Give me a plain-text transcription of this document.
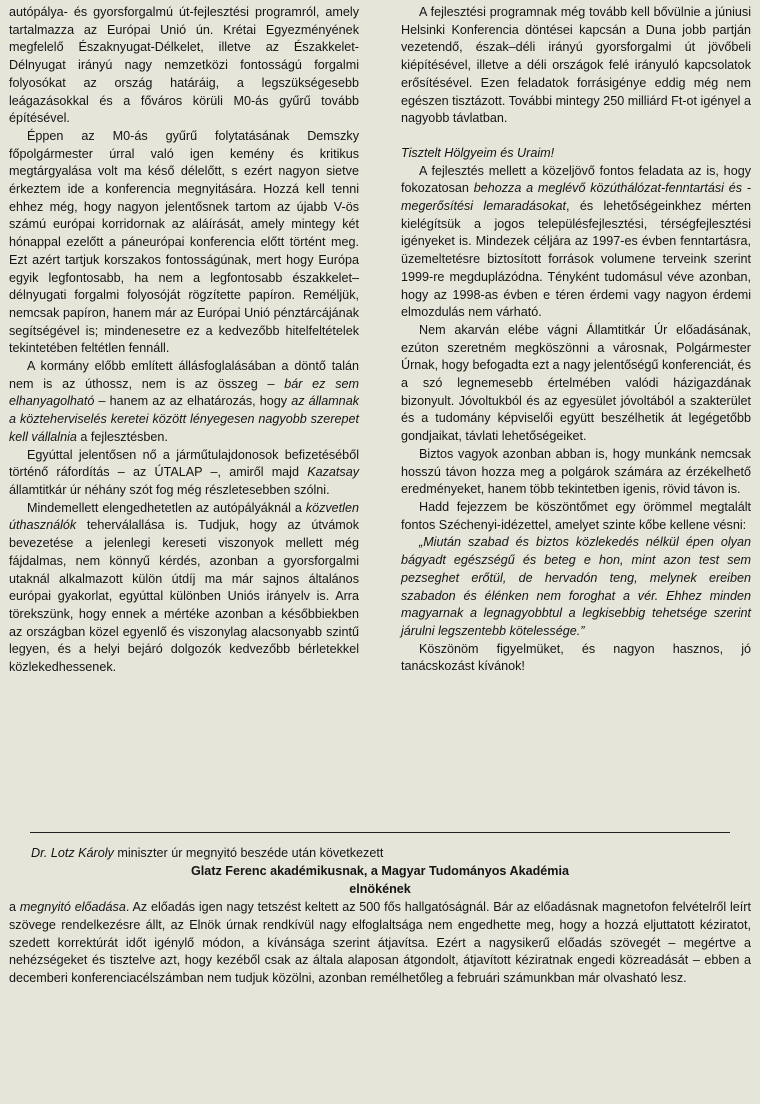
autópálya- és gyorsforgalmú út-fejlesztési programról, amely tartalmazza az Európai Unió ún. Krétai Egyezményének megfelelő Északnyugat-Délkelet, illetve az Északkelet-Délnyugat irányú nagy nemzetközi fontosságú forgalmi folyosókat az ország határáig, a legszükségesebb leágazásokkal és a főváros körüli M0-ás gyűrű tovább építésével.

Éppen az M0-ás gyűrű folytatásának Demszky főpolgármester úrral való igen kemény és kritikus megtárgyalása volt ma késő délelőtt, s ezért nagyon sietve érkeztem ide a konferencia megnyitására. Hozzá kell tenni ehhez még, hogy nagyon jelentősnek tartom az újabb V-ös számú európai korridornak az aláírását, amely mintegy két hónappal ezelőtt a páneurópai konferencia előtt történt meg. Ezt azért tartjuk korszakos fontosságúnak, mert hogy Európa egyik legfontosabb, ha nem a legfontosabb északkelet–délnyugati forgalmi folyosóját rögzítette papíron. Reméljük, nemcsak papíron, hanem már az Európai Unió pénztárcájának segítségével is; mindenesetre ez a kedvezőbb hitelfeltételek tekintetében feltétlen fennáll.

A kormány előbb említett állásfoglalásában a döntő talán nem is az úthossz, nem is az összeg – bár ez sem elhanyagolható – hanem az az elhatározás, hogy az államnak a közteherviselés keretei között lényegesen nagyobb szerepet kell vállalnia a fejlesztésben.

Egyúttal jelentősen nő a járműtulajdonosok befizetéséből történő ráfordítás – az ÚTALAP –, amiről majd Kazatsay államtitkár úr néhány szót fog még részletesebben szólni.

Mindemellett elengedhetetlen az autópályáknál a közvetlen úthasználók teherválallása is. Tudjuk, hogy az útvámok bevezetése a jelenlegi kereseti viszonyok mellett még fájdalmas, nem könnyű kérdés, azonban a gyorsforgalmi utaknál alkalmazott külön útdíj ma már sajnos általános európai gyakorlat, egyúttal különben Uniós irányelv is. Arra törekszünk, hogy ennek a mértéke azonban a későbbiekben az országban közel egyenlő és viszonylag alacsonyabb szintű legyen, és a helyi bejáró dolgozók kedvezőbb bérletekkel közlekedhessenek.

A fejlesztési programnak még tovább kell bővülnie a júniusi Helsinki Konferencia döntései kapcsán a Duna jobb partján vezetendő, észak–déli irányú gyorsforgalmi út jövőbeli kiépítésével, illetve a déli országok felé irányuló kapcsolatok erősítésével. Ezen feladatok forrásigénye eddig még nem egészen tisztázott. További mintegy 250 milliárd Ft-ot igényel a nagyobb távlatban.

Tisztelt Hölgyeim és Uraim!

A fejlesztés mellett a közeljövő fontos feladata az is, hogy fokozatosan behozza a meglévő közúthálózat-fenntartási és -megerősítési lemaradásokat, és lehetőségeinkhez mérten kielégítsük a jogos településfejlesztési, térségfejlesztési igényeket is. Mindezek céljára az 1997-es évben fenntartásra, üzemeltetésre biztosított források volumene terveink szerint 1999-re megduplázódna. Tényként tudomásul véve azonban, hogy az 1998-as évben e téren érdemi vagy nagyon érdemi elmozdulás nem várható.

Nem akarván elébe vágni Államtitkár Úr előadásának, ezúton szeretném megköszönni a városnak, Polgármester Úrnak, hogy befogadta ezt a nagy jelentőségű konferenciát, és a szó legnemesebb értelmében valódi házigazdának bizonyult. Jóvoltukból és az egyesület jóvoltából a szakterület és a tudomány képviselői együtt beszélhetik át legégetőbb gondjaikat, távlati lehetőségeiket.

Biztos vagyok azonban abban is, hogy munkánk nemcsak hosszú távon hozza meg a polgárok számára az érzékelhető eredményeket, hanem több tekintetben igenis, rövid távon is.

Hadd fejezzem be köszöntőmet egy örömmel megtalált fontos Széchenyi-idézettel, amelyet szinte kőbe kellene vésni:

„Miután szabad és biztos közlekedés nélkül épen olyan bágyadt egészségű és beteg e hon, mint azon test sem pezseghet erőtül, de hervadón teng, melynek ereiben szabadon és élénken nem foroghat a vér. Ehhez minden magyarnak a legnagyobbtul a legkisebbig tehetsége szerint járulni legszentebb kötelessége.”

Köszönöm figyelmüket, és nagyon hasznos, jó tanácskozást kívánok!

Dr. Lotz Károly miniszter úr megnyitó beszéde után következett
Glatz Ferenc akadémikusnak, a Magyar Tudományos Akadémia
elnökének
a megnyitó előadása. Az előadás igen nagy tetszést keltett az 500 fős hallgatóságnál. Bár az előadásnak magnetofon felvételről leírt szövege rendelkezésre állt, az Elnök úrnak rendkívül nagy elfoglaltsága nem engedhette meg, hogy a hozzá eljuttatott kéziratot, szedett korrektúrát időt igénylő módon, a kívánsága szerint átjavítsa. Ezért a nagysikerű előadás szövegét – megértve a nehézségeket és tisztelve azt, hogy kezéből csak az általa alaposan átgondolt, átjavított kéziratnak engedi közreadását – ebben a decemberi konferenciacélszámban nem tudjuk közölni, azonban remélhetőleg a februári számunkban már olvasható lesz.
